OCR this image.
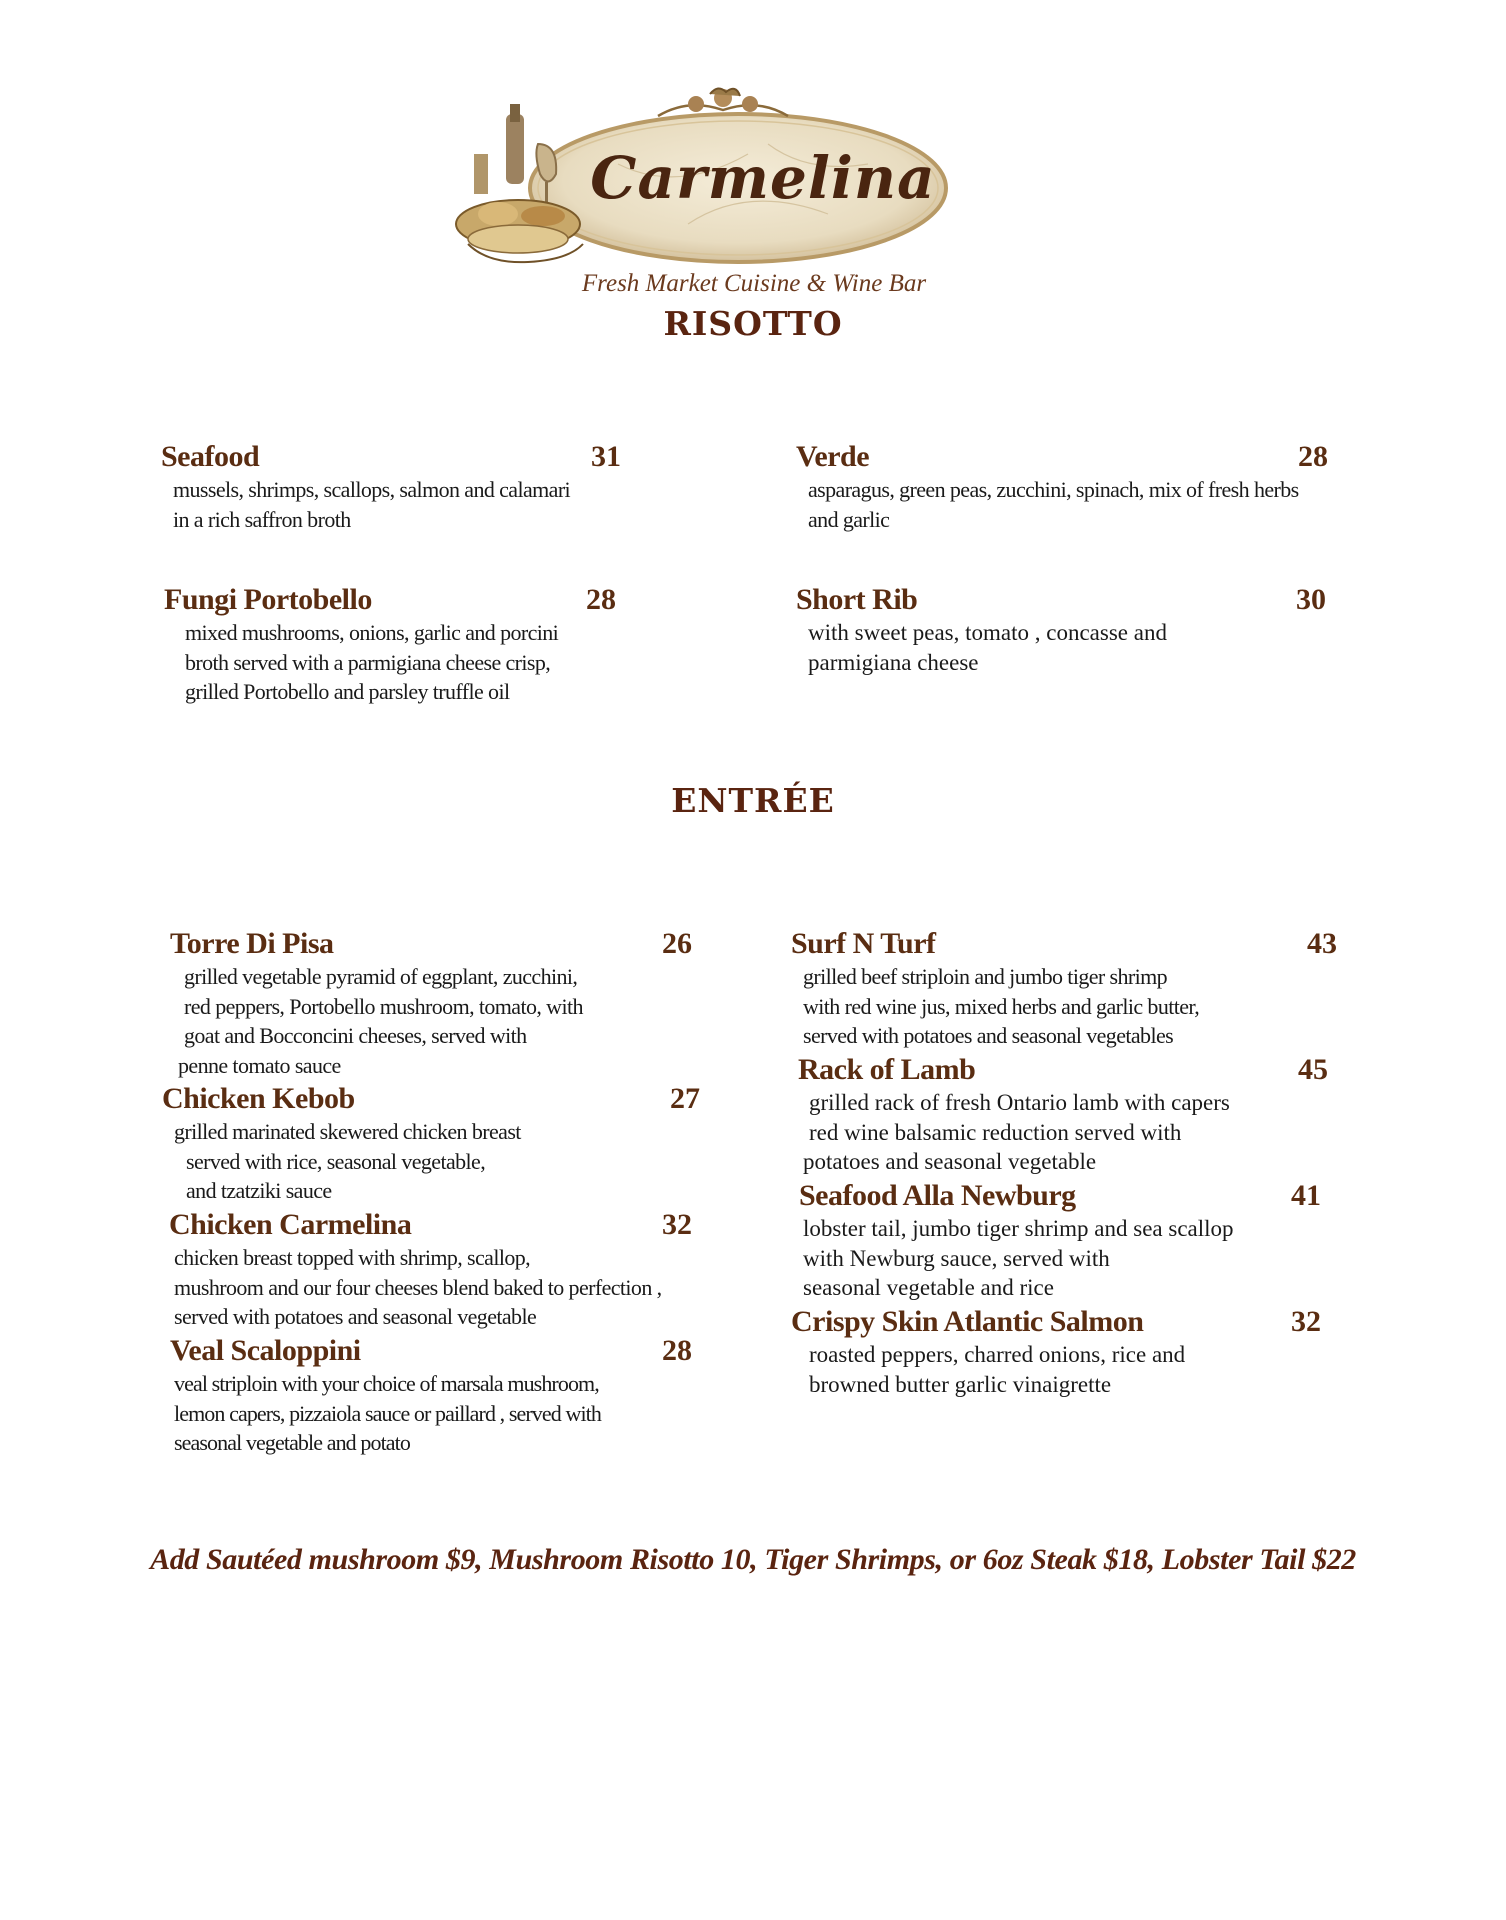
Carmelina
Fresh Market Cuisine & Wine Bar
RISOTTO
Seafood	31
mussels, shrimps, scallops, salmon and calamari
in a rich saffron broth
Verde	28
asparagus, green peas, zucchini, spinach, mix of fresh herbs
and garlic
Fungi Portobello	28
mixed mushrooms, onions, garlic and porcini
broth served with a parmigiana cheese crisp,
grilled Portobello and parsley truffle oil
Short Rib	30
with sweet peas, tomato , concasse and
parmigiana cheese
ENTRÉE
Torre Di Pisa	26
grilled vegetable pyramid of eggplant, zucchini,
red peppers, Portobello mushroom, tomato, with
goat and Bocconcini cheeses, served with
penne tomato sauce
Chicken Kebob	27
grilled marinated skewered chicken breast
served with rice, seasonal vegetable,
and tzatziki sauce
Chicken Carmelina	32
chicken breast topped with shrimp, scallop,
mushroom and our four cheeses blend baked to perfection ,
served with potatoes and seasonal vegetable
Veal Scaloppini	28
veal striploin with your choice of marsala mushroom,
lemon capers, pizzaiola sauce or paillard , served with
seasonal vegetable and potato
Surf N Turf	43
grilled beef striploin and jumbo tiger shrimp
with red wine jus, mixed herbs and garlic butter,
served with potatoes and seasonal vegetables
Rack of Lamb	45
grilled rack of fresh Ontario lamb with capers
red wine balsamic reduction served with
potatoes and seasonal vegetable
Seafood Alla Newburg	41
lobster tail, jumbo tiger shrimp and sea scallop
with Newburg sauce, served with
seasonal vegetable and rice
Crispy Skin Atlantic Salmon	32
roasted peppers, charred onions, rice and
browned butter garlic vinaigrette
Add Sautéed mushroom $9, Mushroom Risotto 10, Tiger Shrimps, or 6oz Steak $18, Lobster Tail $22
